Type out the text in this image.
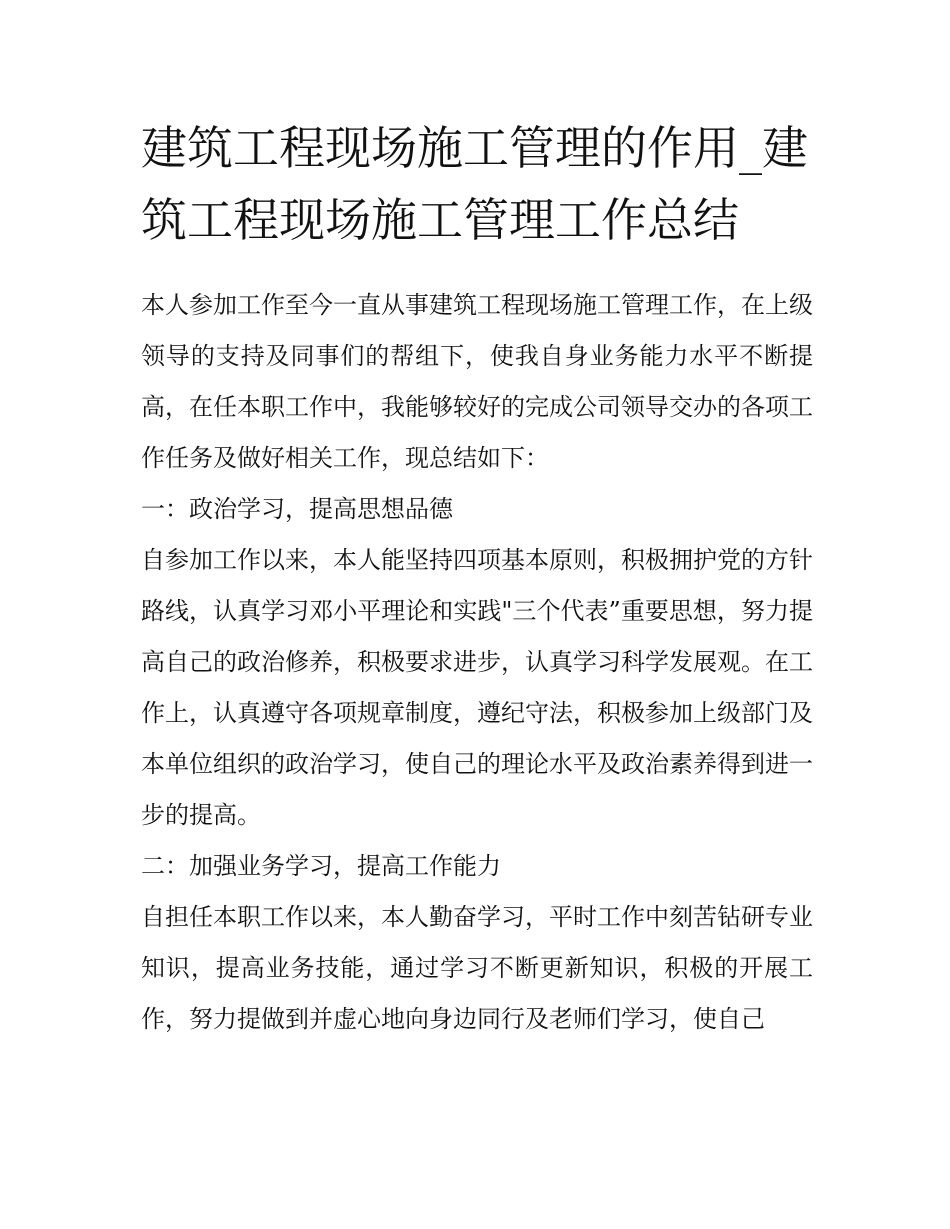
建筑工程现场施工管理的作用_建筑工程现场施工管理工作总结

本人参加工作至今一直从事建筑工程现场施工管理工作，在上级领导的支持及同事们的帮组下，使我自身业务能力水平不断提高，在任本职工作中，我能够较好的完成公司领导交办的各项工作任务及做好相关工作，现总结如下：

一：政治学习，提高思想品德

自参加工作以来，本人能坚持四项基本原则，积极拥护党的方针路线，认真学习邓小平理论和实践"三个代表”重要思想，努力提高自己的政治修养，积极要求进步，认真学习科学发展观。在工作上，认真遵守各项规章制度，遵纪守法，积极参加上级部门及本单位组织的政治学习，使自己的理论水平及政治素养得到进一步的提高。

二：加强业务学习，提高工作能力

自担任本职工作以来，本人勤奋学习，平时工作中刻苦钻研专业知识，提高业务技能，通过学习不断更新知识，积极的开展工作，努力提做到并虚心地向身边同行及老师们学习，使自己
